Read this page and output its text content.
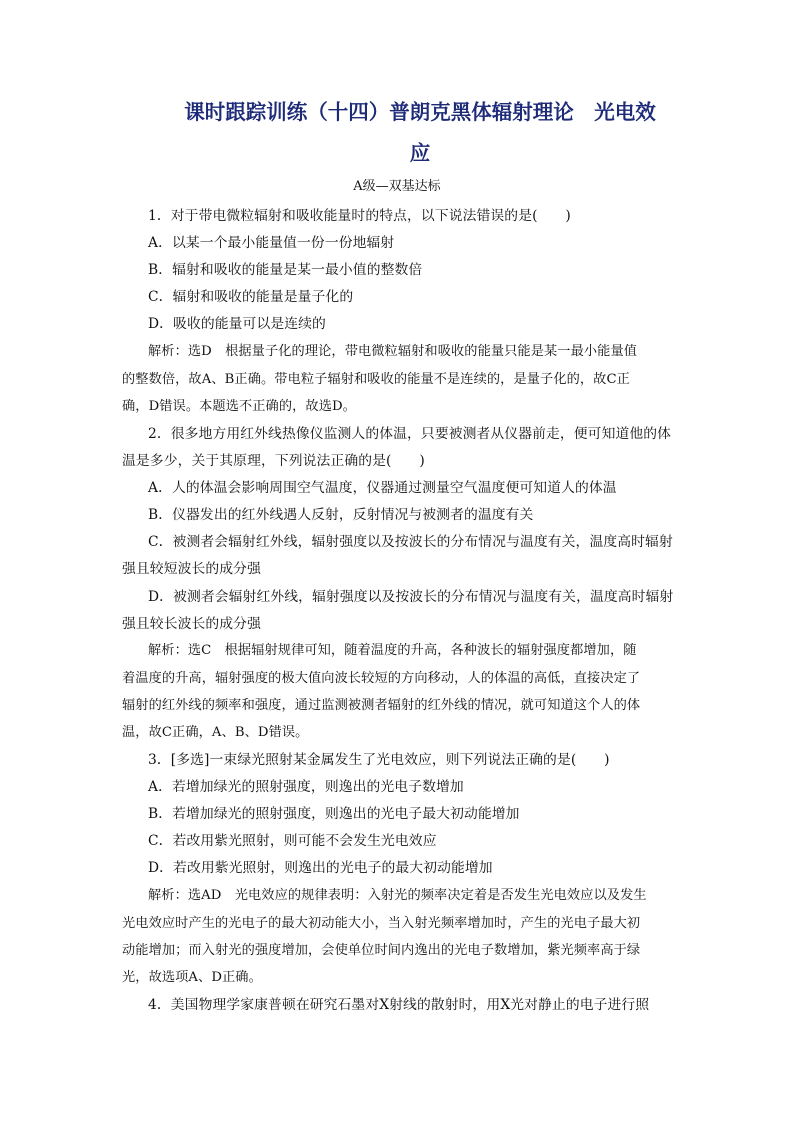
课时跟踪训练（十四）普朗克黑体辐射理论　光电效
应
A级—双基达标
1．对于带电微粒辐射和吸收能量时的特点，以下说法错误的是(　　)
A．以某一个最小能量值一份一份地辐射
B．辐射和吸收的能量是某一最小值的整数倍
C．辐射和吸收的能量是量子化的
D．吸收的能量可以是连续的
解析：选D　根据量子化的理论，带电微粒辐射和吸收的能量只能是某一最小能量值
的整数倍，故A、B正确。带电粒子辐射和吸收的能量不是连续的，是量子化的，故C正
确，D错误。本题选不正确的，故选D。
2．很多地方用红外线热像仪监测人的体温，只要被测者从仪器前走，便可知道他的体
温是多少，关于其原理，下列说法正确的是(　　)
A．人的体温会影响周围空气温度，仪器通过测量空气温度便可知道人的体温
B．仪器发出的红外线遇人反射，反射情况与被测者的温度有关
C．被测者会辐射红外线，辐射强度以及按波长的分布情况与温度有关，温度高时辐射
强且较短波长的成分强
D．被测者会辐射红外线，辐射强度以及按波长的分布情况与温度有关，温度高时辐射
强且较长波长的成分强
解析：选C　根据辐射规律可知，随着温度的升高，各种波长的辐射强度都增加，随
着温度的升高，辐射强度的极大值向波长较短的方向移动，人的体温的高低，直接决定了
辐射的红外线的频率和强度，通过监测被测者辐射的红外线的情况，就可知道这个人的体
温，故C正确，A、B、D错误。
3．[多选]一束绿光照射某金属发生了光电效应，则下列说法正确的是(　　)
A．若增加绿光的照射强度，则逸出的光电子数增加
B．若增加绿光的照射强度，则逸出的光电子最大初动能增加
C．若改用紫光照射，则可能不会发生光电效应
D．若改用紫光照射，则逸出的光电子的最大初动能增加
解析：选AD　光电效应的规律表明：入射光的频率决定着是否发生光电效应以及发生
光电效应时产生的光电子的最大初动能大小，当入射光频率增加时，产生的光电子最大初
动能增加；而入射光的强度增加，会使单位时间内逸出的光电子数增加，紫光频率高于绿
光，故选项A、D正确。
4．美国物理学家康普顿在研究石墨对X射线的散射时，用X光对静止的电子进行照
